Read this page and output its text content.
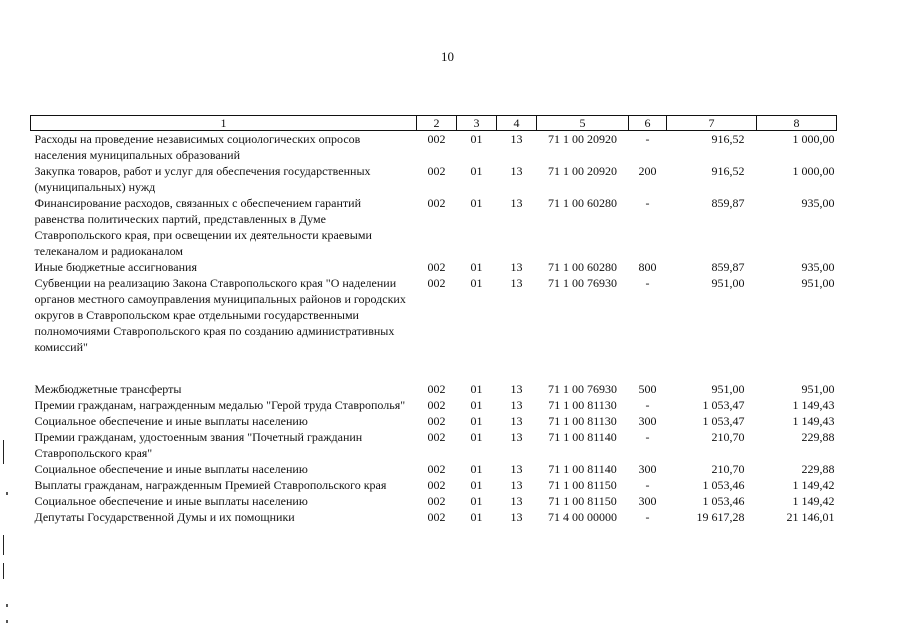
10
1	2	3	4	5	6	7	8
Расходы на проведение независимых социологических опросов населения муниципальных образований	002	01	13	71 1 00 20920	-	916,52	1 000,00
Закупка товаров, работ и услуг для обеспечения государственных (муниципальных) нужд	002	01	13	71 1 00 20920	200	916,52	1 000,00
Финансирование расходов, связанных с обеспечением гарантий равенства политических партий, представленных в Думе Ставропольского края, при освещении их деятельности краевыми телеканалом и радиоканалом	002	01	13	71 1 00 60280	-	859,87	935,00
Иные бюджетные ассигнования	002	01	13	71 1 00 60280	800	859,87	935,00
Субвенции на реализацию Закона Ставропольского края "О наделении органов местного самоуправления муниципальных районов и городских округов в Ставропольском крае отдельными государственными полномочиями Ставропольского края по созданию административных комиссий"	002	01	13	71 1 00 76930	-	951,00	951,00

Межбюджетные трансферты	002	01	13	71 1 00 76930	500	951,00	951,00
Премии гражданам, награжденным медалью "Герой труда Ставрополья"	002	01	13	71 1 00 81130	-	1 053,47	1 149,43
Социальное обеспечение и иные выплаты населению	002	01	13	71 1 00 81130	300	1 053,47	1 149,43
Премии гражданам, удостоенным звания "Почетный гражданин Ставропольского края"	002	01	13	71 1 00 81140	-	210,70	229,88
Социальное обеспечение и иные выплаты населению	002	01	13	71 1 00 81140	300	210,70	229,88
Выплаты гражданам, награжденным Премией Ставропольского края	002	01	13	71 1 00 81150	-	1 053,46	1 149,42
Социальное обеспечение и иные выплаты населению	002	01	13	71 1 00 81150	300	1 053,46	1 149,42
Депутаты Государственной Думы и их помощники	002	01	13	71 4 00 00000	-	19 617,28	21 146,01
